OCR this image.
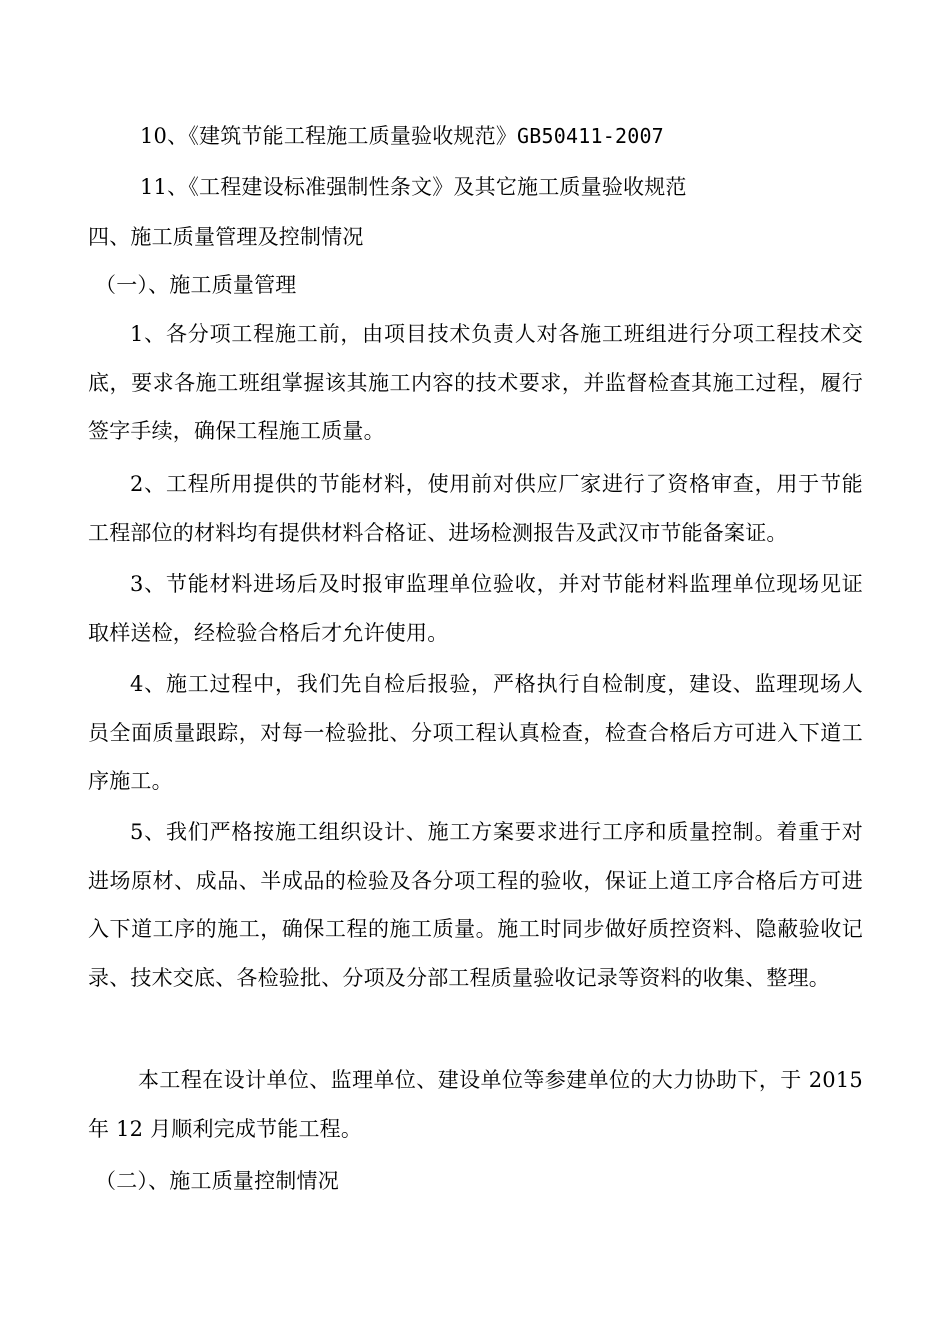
10、《建筑节能工程施工质量验收规范》GB50411-2007
11、《工程建设标准强制性条文》及其它施工质量验收规范
四、施工质量管理及控制情况
（一）、施工质量管理
1、各分项工程施工前，由项目技术负责人对各施工班组进行分项工程技术交底，要求各施工班组掌握该其施工内容的技术要求，并监督检查其施工过程，履行签字手续，确保工程施工质量。
2、工程所用提供的节能材料，使用前对供应厂家进行了资格审查，用于节能工程部位的材料均有提供材料合格证、进场检测报告及武汉市节能备案证。
3、节能材料进场后及时报审监理单位验收，并对节能材料监理单位现场见证取样送检，经检验合格后才允许使用。
4、施工过程中，我们先自检后报验，严格执行自检制度，建设、监理现场人员全面质量跟踪，对每一检验批、分项工程认真检查，检查合格后方可进入下道工序施工。
5、我们严格按施工组织设计、施工方案要求进行工序和质量控制。着重于对进场原材、成品、半成品的检验及各分项工程的验收，保证上道工序合格后方可进入下道工序的施工，确保工程的施工质量。施工时同步做好质控资料、隐蔽验收记录、技术交底、各检验批、分项及分部工程质量验收记录等资料的收集、整理。
本工程在设计单位、监理单位、建设单位等参建单位的大力协助下，于 2015 年 12 月顺利完成节能工程。
（二）、施工质量控制情况
